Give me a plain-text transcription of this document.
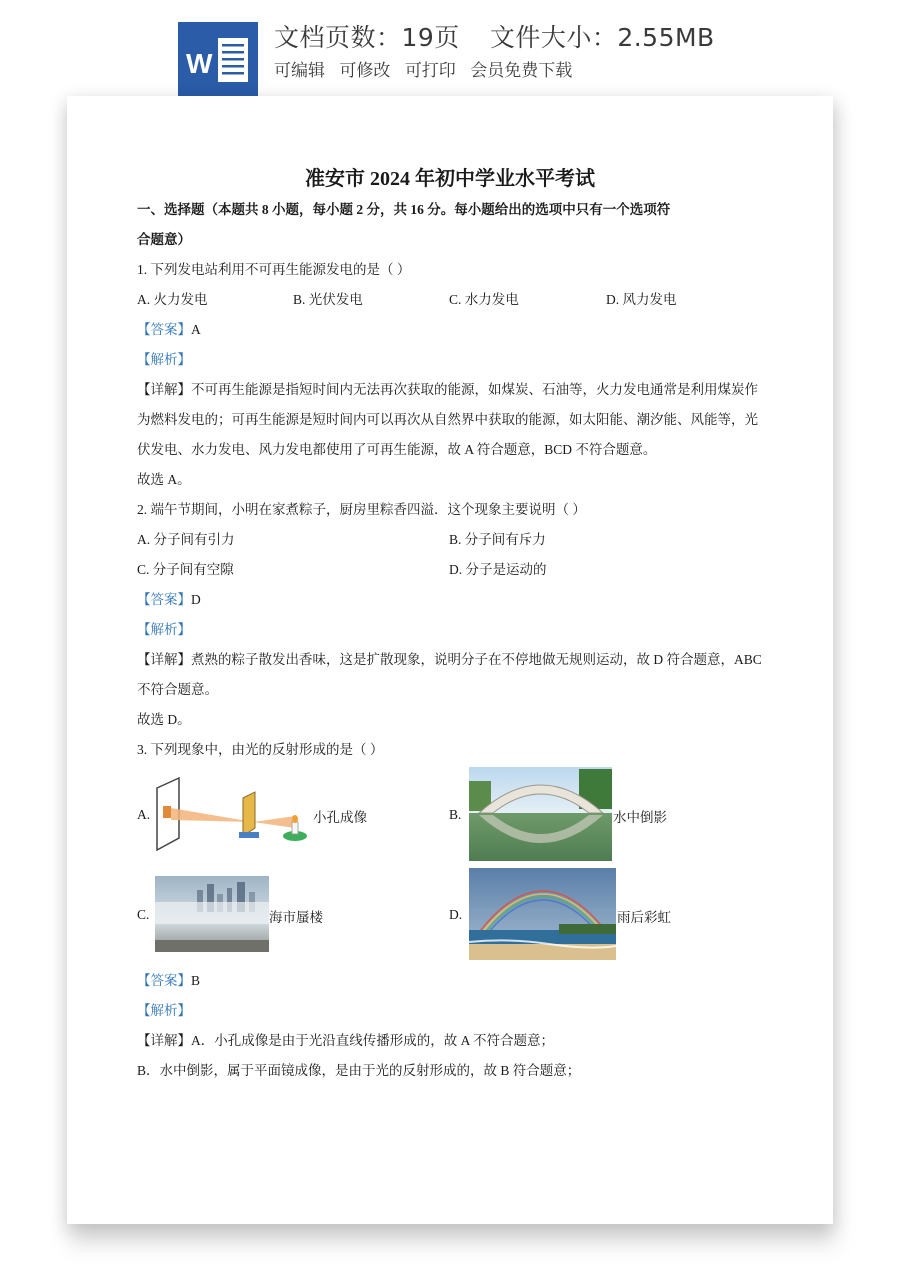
W
文档页数：19页 文件大小：2.55MB
可编辑 可修改 可打印 会员免费下载
准安市 2024 年初中学业水平考试
一、选择题（本题共 8 小题，每小题 2 分，共 16 分。每小题给出的选项中只有一个选项符
合题意）
1. 下列发电站利用不可再生能源发电的是（ ）
A. 火力发电	B. 光伏发电	C. 水力发电	D. 风力发电
【答案】A
【解析】
【详解】不可再生能源是指短时间内无法再次获取的能源，如煤炭、石油等，火力发电通常是利用煤炭作
为燃料发电的；可再生能源是短时间内可以再次从自然界中获取的能源，如太阳能、潮汐能、风能等，光
伏发电、水力发电、风力发电都使用了可再生能源，故 A 符合题意，BCD 不符合题意。
故选 A。
2. 端午节期间，小明在家煮粽子，厨房里粽香四溢．这个现象主要说明（ ）
A. 分子间有引力	B. 分子间有斥力
C. 分子间有空隙	D. 分子是运动的
【答案】D
【解析】
【详解】煮熟的粽子散发出香味，这是扩散现象，说明分子在不停地做无规则运动，故 D 符合题意，ABC
不符合题意。
故选 D。
3. 下列现象中，由光的反射形成的是（ ）
A.	小孔成像	B.	水中倒影
C.	海市蜃楼	D.	雨后彩虹
【答案】B
【解析】
【详解】A．小孔成像是由于光沿直线传播形成的，故 A 不符合题意；
B．水中倒影，属于平面镜成像，是由于光的反射形成的，故 B 符合题意；
